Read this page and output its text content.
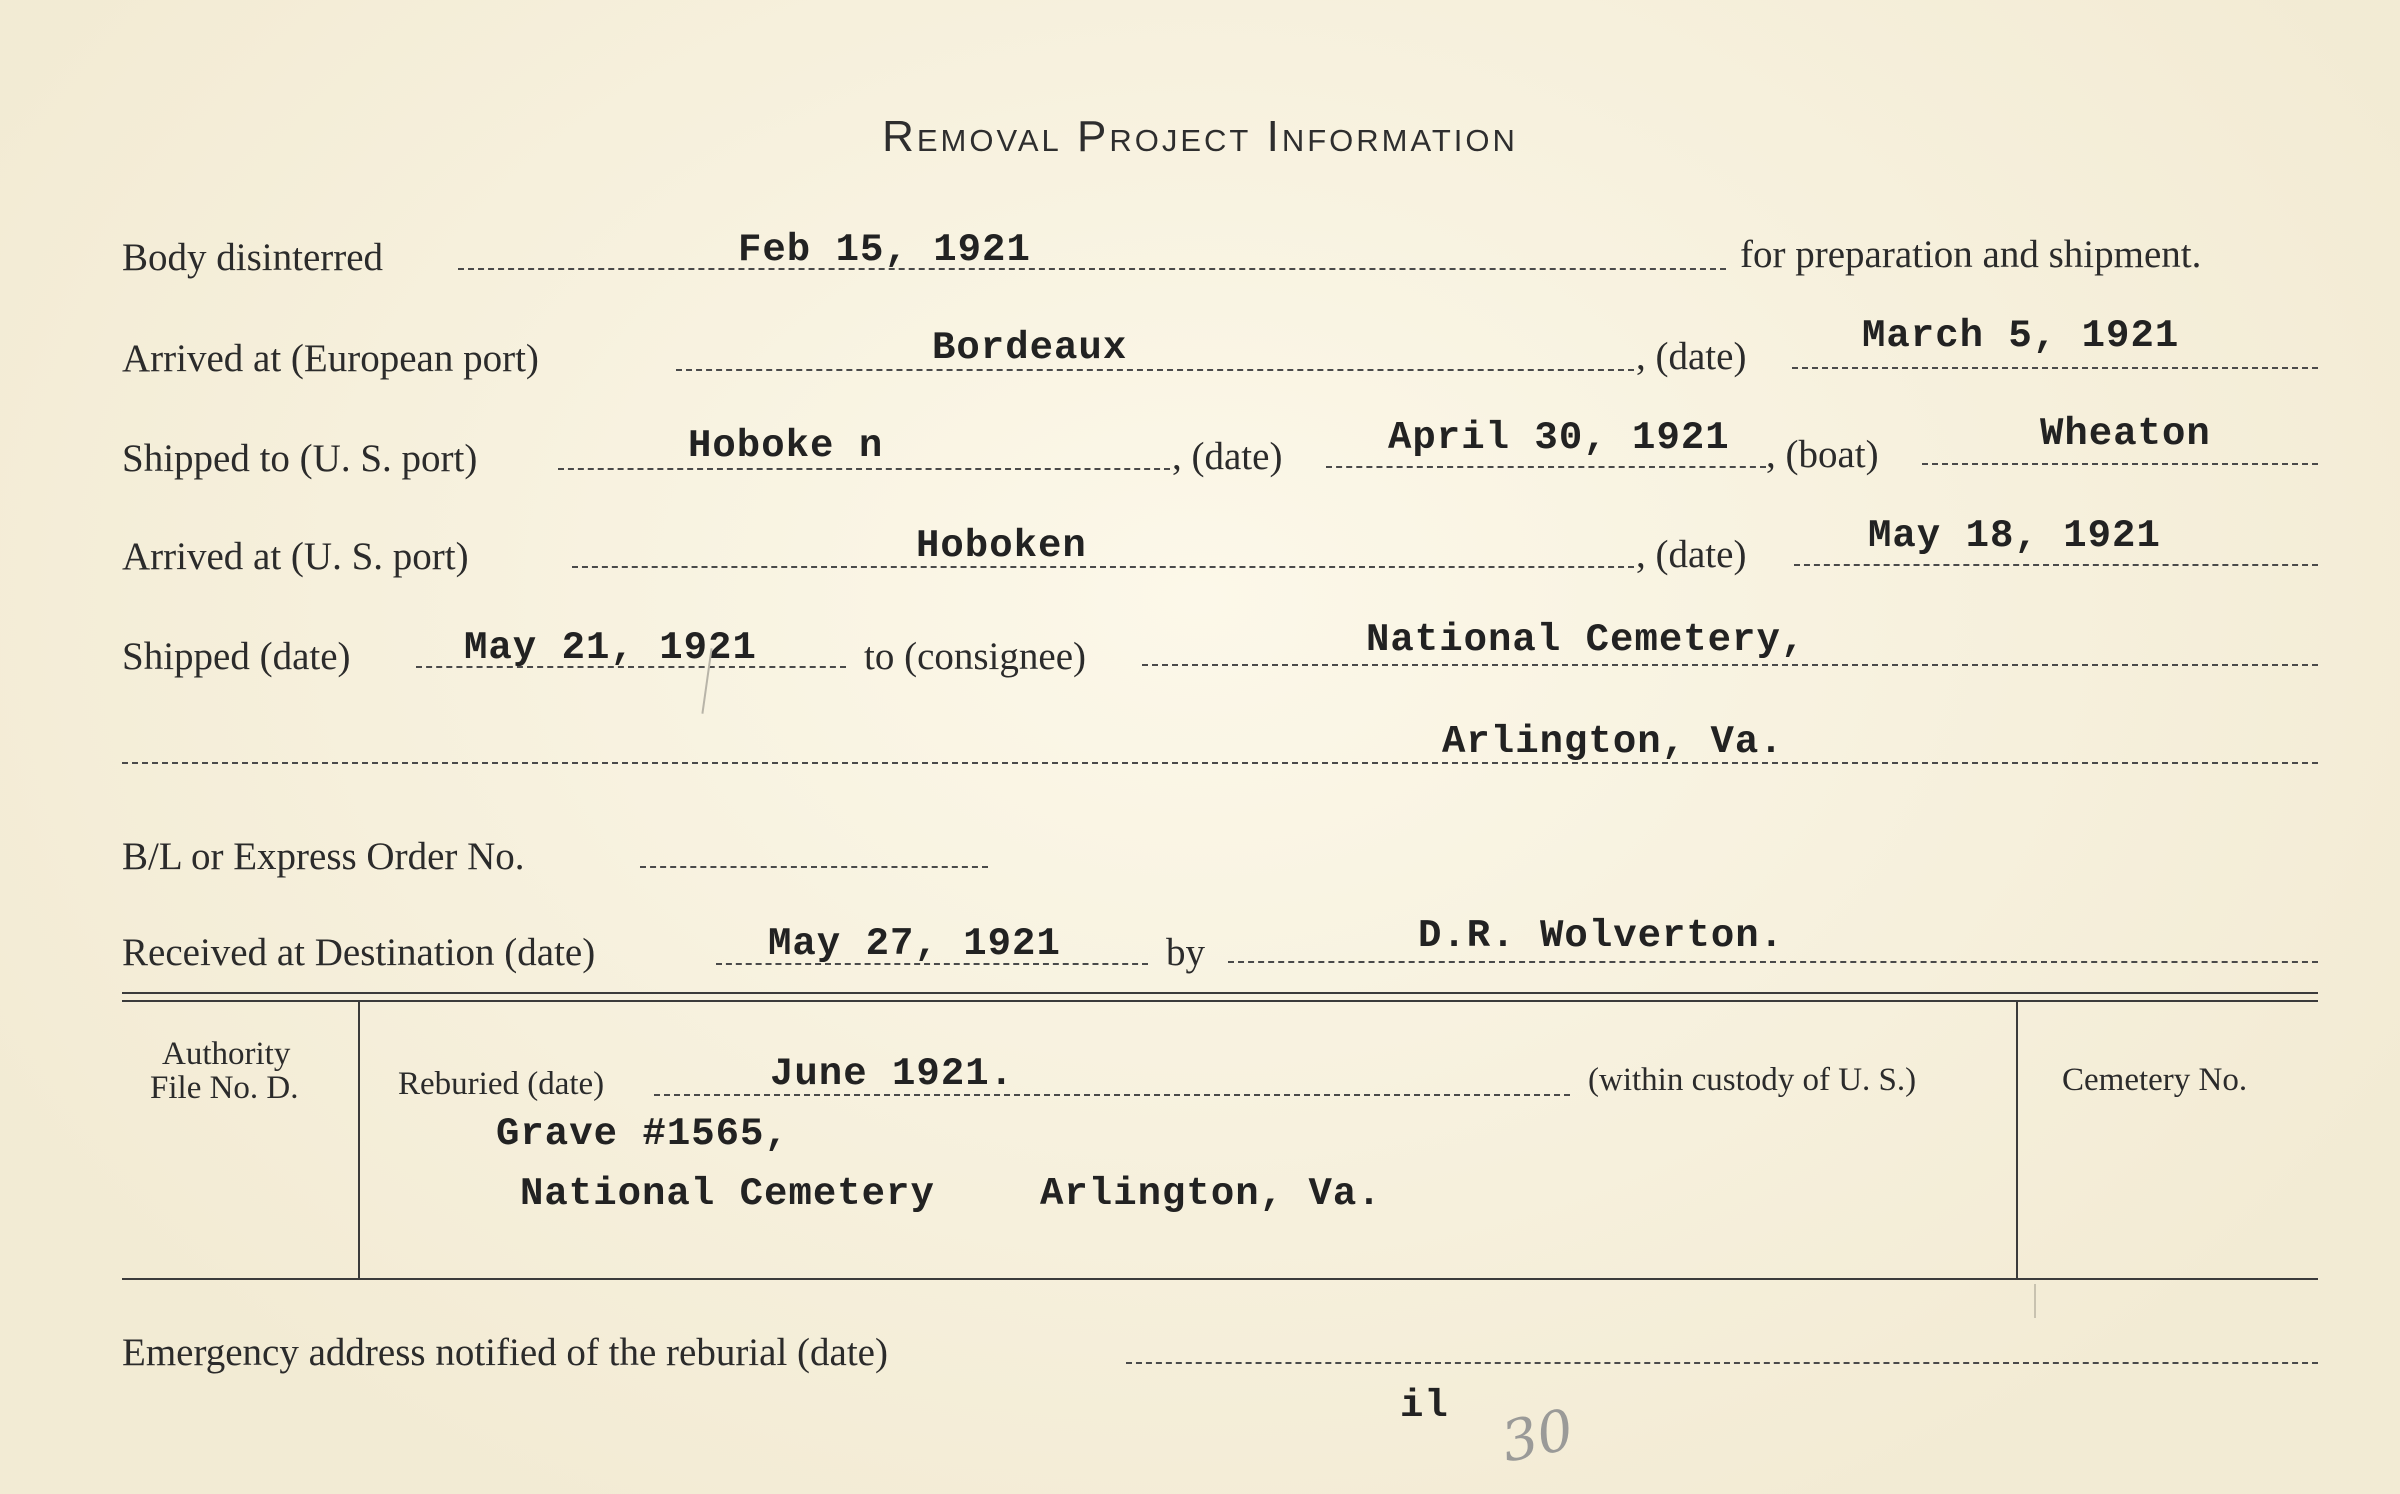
Removal Project Information
Body disinterred	Feb 15, 1921	for preparation and shipment.
Arrived at (European port)	Bordeaux	, (date)	March 5, 1921
Shipped to (U. S. port)	Hoboke n	, (date)	April 30, 1921 , (boat)	Wheaton
Arrived at (U. S. port)	Hoboken	, (date)	May 18, 1921
Shipped (date)	May 21, 1921	to (consignee)	National Cemetery,
Arlington, Va.
B/L or Express Order No.
Received at Destination (date)	May 27, 1921	by	D.R. Wolverton.
Authority
File No. D.	Reburied (date)	June 1921.	(within custody of U. S.)
Grave #1565,
National Cemetery	Arlington, Va.
Cemetery No.
Emergency address notified of the reburial (date)
il 30
